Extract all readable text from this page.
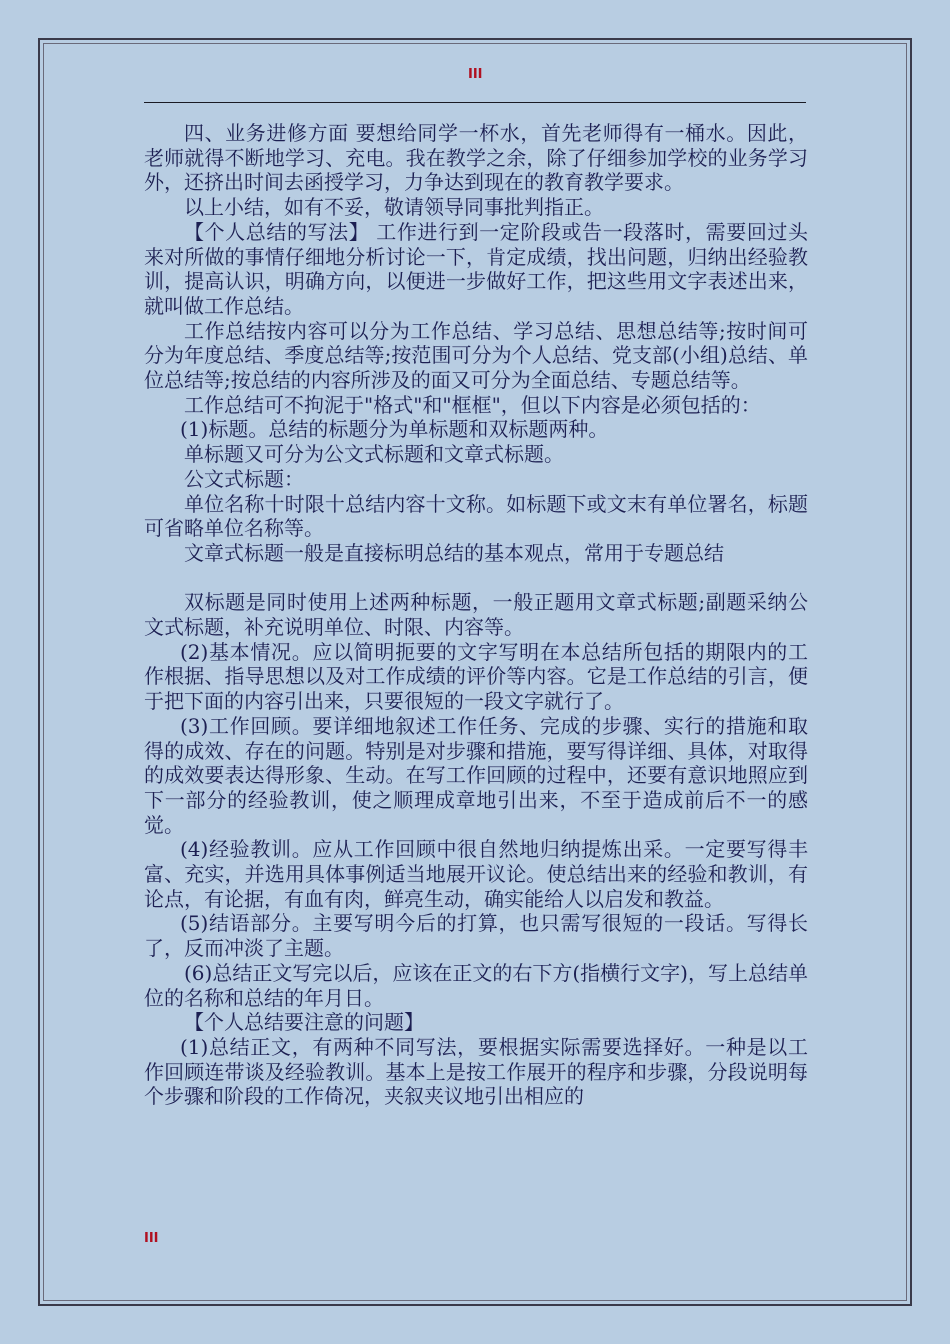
III

四、业务进修方面 要想给同学一杯水，首先老师得有一桶水。因此，老师就得不断地学习、充电。我在教学之余，除了仔细参加学校的业务学习外，还挤出时间去函授学习，力争达到现在的教育教学要求。

以上小结，如有不妥，敬请领导同事批判指正。

【个人总结的写法】 工作进行到一定阶段或告一段落时，需要回过头来对所做的事情仔细地分析讨论一下，肯定成绩，找出问题，归纳出经验教训，提高认识，明确方向，以便进一步做好工作，把这些用文字表述出来，就叫做工作总结。

工作总结按内容可以分为工作总结、学习总结、思想总结等;按时间可分为年度总结、季度总结等;按范围可分为个人总结、党支部(小组)总结、单位总结等;按总结的内容所涉及的面又可分为全面总结、专题总结等。

工作总结可不拘泥于"格式"和"框框"，但以下内容是必须包括的：

(1)标题。总结的标题分为单标题和双标题两种。

单标题又可分为公文式标题和文章式标题。

公文式标题：

单位名称十时限十总结内容十文称。如标题下或文末有单位署名，标题可省略单位名称等。

文章式标题一般是直接标明总结的基本观点，常用于专题总结

双标题是同时使用上述两种标题，一般正题用文章式标题;副题采纳公文式标题，补充说明单位、时限、内容等。

(2)基本情况。应以简明扼要的文字写明在本总结所包括的期限内的工作根据、指导思想以及对工作成绩的评价等内容。它是工作总结的引言，便于把下面的内容引出来，只要很短的一段文字就行了。

(3)工作回顾。要详细地叙述工作任务、完成的步骤、实行的措施和取得的成效、存在的问题。特别是对步骤和措施，要写得详细、具体，对取得的成效要表达得形象、生动。在写工作回顾的过程中，还要有意识地照应到下一部分的经验教训，使之顺理成章地引出来，不至于造成前后不一的感觉。

(4)经验教训。应从工作回顾中很自然地归纳提炼出采。一定要写得丰富、充实，并选用具体事例适当地展开议论。使总结出来的经验和教训，有论点，有论据，有血有肉，鲜亮生动，确实能给人以启发和教益。

(5)结语部分。主要写明今后的打算，也只需写很短的一段话。写得长了，反而冲淡了主题。

(6)总结正文写完以后，应该在正文的右下方(指横行文字)，写上总结单位的名称和总结的年月日。

【个人总结要注意的问题】

(1)总结正文，有两种不同写法，要根据实际需要选择好。一种是以工作回顾连带谈及经验教训。基本上是按工作展开的程序和步骤，分段说明每个步骤和阶段的工作倚况，夹叙夹议地引出相应的

III
